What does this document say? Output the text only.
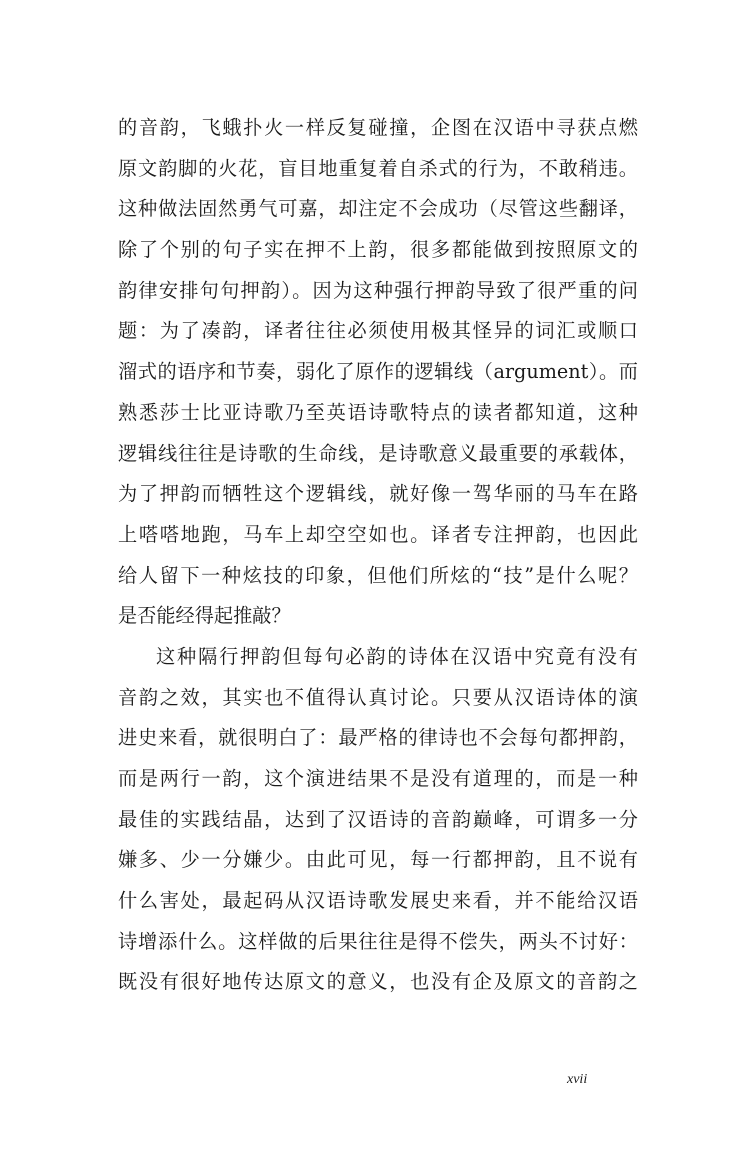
的音韵，飞蛾扑火一样反复碰撞，企图在汉语中寻获点燃
原文韵脚的火花，盲目地重复着自杀式的行为，不敢稍违。
这种做法固然勇气可嘉，却注定不会成功（尽管这些翻译，
除了个别的句子实在押不上韵，很多都能做到按照原文的
韵律安排句句押韵）。因为这种强行押韵导致了很严重的问
题：为了凑韵，译者往往必须使用极其怪异的词汇或顺口
溜式的语序和节奏，弱化了原作的逻辑线（argument）。而
熟悉莎士比亚诗歌乃至英语诗歌特点的读者都知道，这种
逻辑线往往是诗歌的生命线，是诗歌意义最重要的承载体，
为了押韵而牺牲这个逻辑线，就好像一驾华丽的马车在路
上嗒嗒地跑，马车上却空空如也。译者专注押韵，也因此
给人留下一种炫技的印象，但他们所炫的“技”是什么呢？
是否能经得起推敲？
这种隔行押韵但每句必韵的诗体在汉语中究竟有没有
音韵之效，其实也不值得认真讨论。只要从汉语诗体的演
进史来看，就很明白了：最严格的律诗也不会每句都押韵，
而是两行一韵，这个演进结果不是没有道理的，而是一种
最佳的实践结晶，达到了汉语诗的音韵巅峰，可谓多一分
嫌多、少一分嫌少。由此可见，每一行都押韵，且不说有
什么害处，最起码从汉语诗歌发展史来看，并不能给汉语
诗增添什么。这样做的后果往往是得不偿失，两头不讨好：
既没有很好地传达原文的意义，也没有企及原文的音韵之
xvii
